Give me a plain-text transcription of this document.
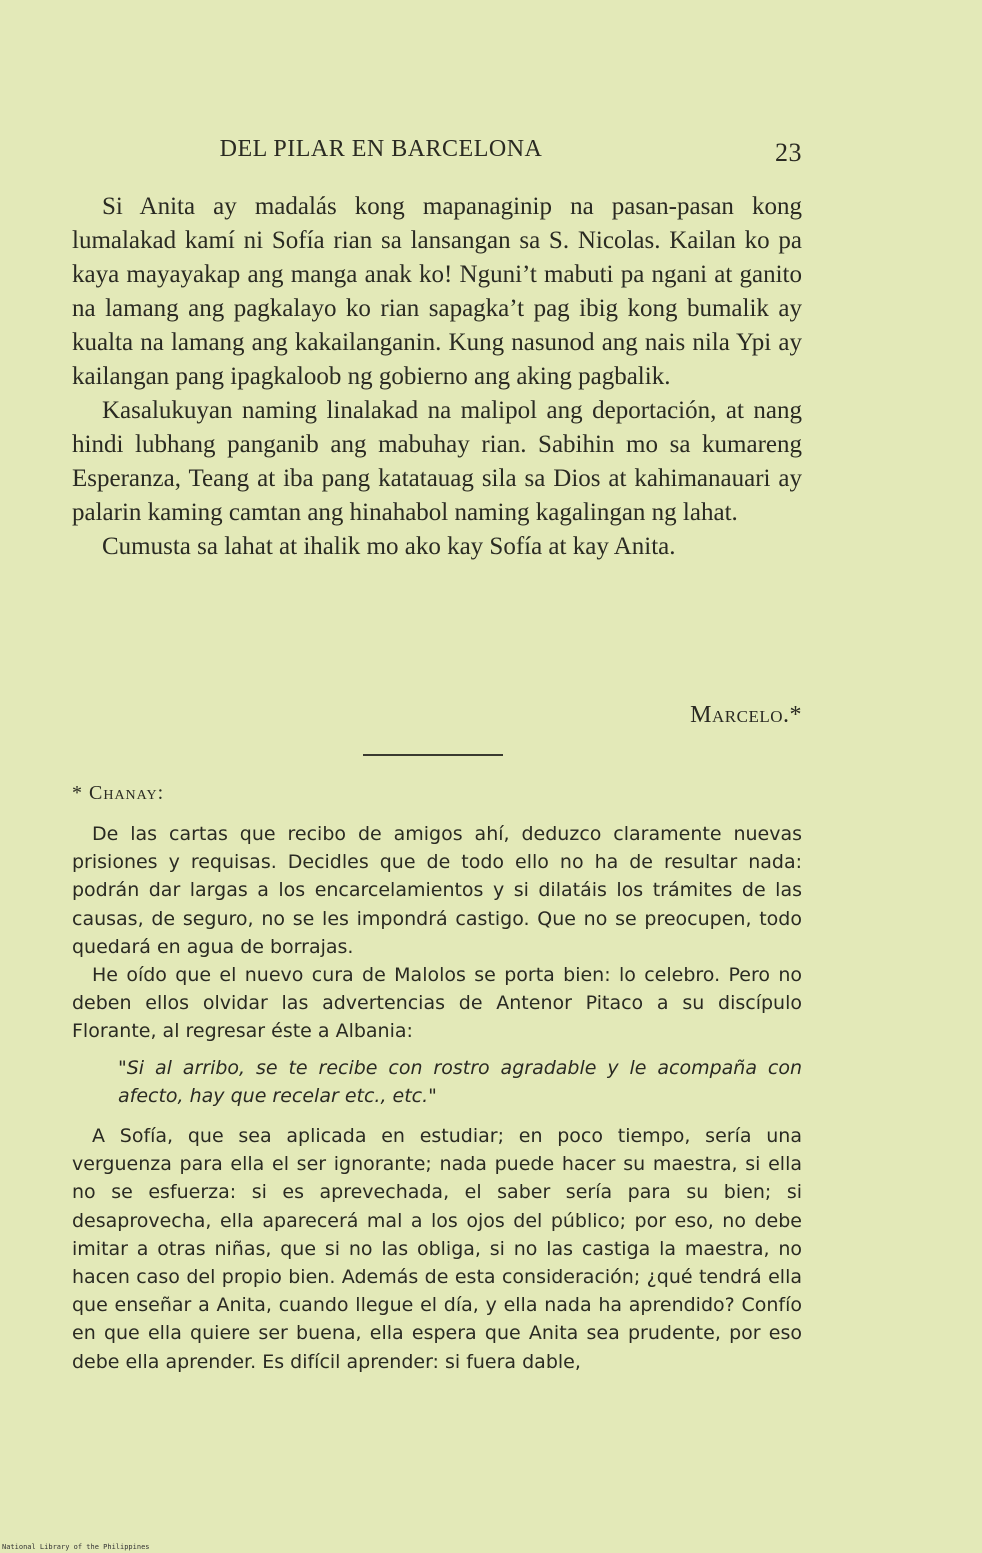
DEL PILAR EN BARCELONA	23

Si Anita ay madalás kong mapanaginip na pasan-pasan kong lumalakad kamí ni Sofía rian sa lansangan sa S. Nicolas. Kailan ko pa kaya mayayakap ang manga anak ko! Nguni’t mabuti pa ngani at ganito na lamang ang pagkalayo ko rian sapagka’t pag ibig kong bumalik ay kualta na lamang ang kakailanganin. Kung nasunod ang nais nila Ypi ay kailangan pang ipagkaloob ng gobierno ang aking pagbalik.

Kasalukuyan naming linalakad na malipol ang deportación, at nang hindi lubhang panganib ang mabuhay rian. Sabihin mo sa kumareng Esperanza, Teang at iba pang katatauag sila sa Dios at kahimanauari ay palarin kaming camtan ang hinahabol naming kagalingan ng lahat.

Cumusta sa lahat at ihalik mo ako kay Sofía at kay Anita.

Marcelo.*
* Chanay:

De las cartas que recibo de amigos ahí, deduzco claramente nuevas prisiones y requisas. Decidles que de todo ello no ha de resultar nada: podrán dar largas a los encarcelamientos y si dilatáis los trámites de las causas, de seguro, no se les impondrá castigo. Que no se preocupen, todo quedará en agua de borrajas.

He oído que el nuevo cura de Malolos se porta bien: lo celebro. Pero no deben ellos olvidar las advertencias de Antenor Pitaco a su discípulo Florante, al regresar éste a Albania:

"Si al arribo, se te recibe con rostro agradable y le acompaña con afecto, hay que recelar etc., etc."

A Sofía, que sea aplicada en estudiar; en poco tiempo, sería una verguenza para ella el ser ignorante; nada puede hacer su maestra, si ella no se esfuerza: si es aprevechada, el saber sería para su bien; si desaprovecha, ella aparecerá mal a los ojos del público; por eso, no debe imitar a otras niñas, que si no las obliga, si no las castiga la maestra, no hacen caso del propio bien. Además de esta consideración; ¿qué tendrá ella que enseñar a Anita, cuando llegue el día, y ella nada ha aprendido? Confío en que ella quiere ser buena, ella espera que Anita sea prudente, por eso debe ella aprender. Es difícil aprender: si fuera dable,

National Library of the Philippines
